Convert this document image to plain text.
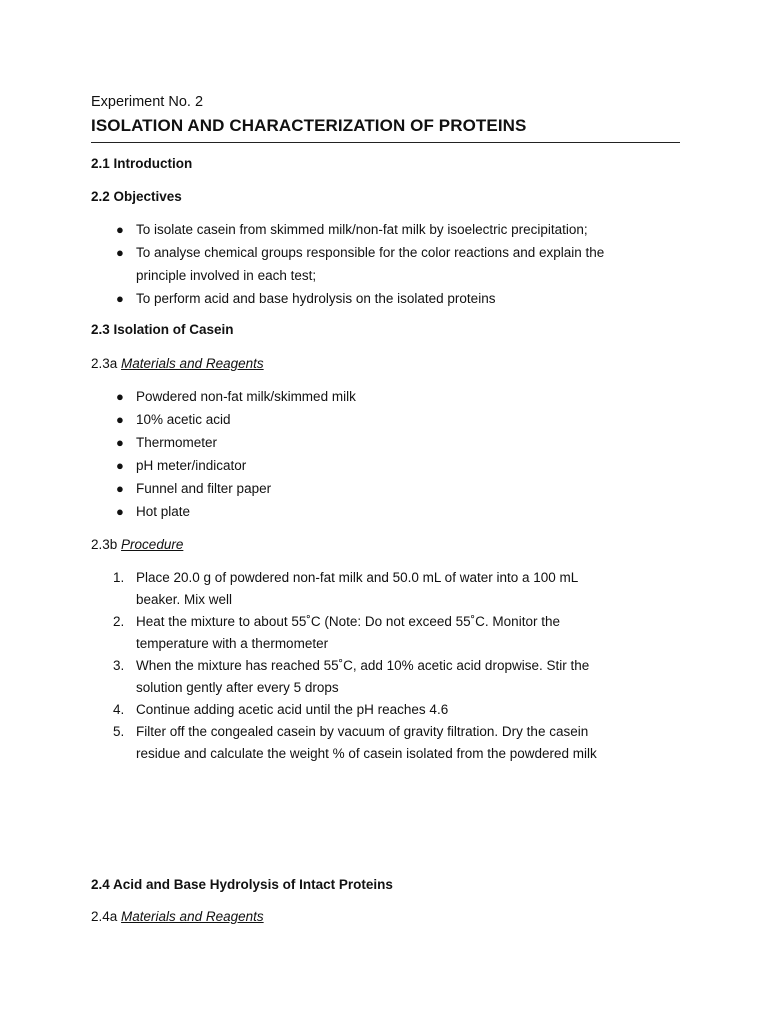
Experiment No. 2
ISOLATION AND CHARACTERIZATION OF PROTEINS
2.1 Introduction
2.2 Objectives
● To isolate casein from skimmed milk/non-fat milk by isoelectric precipitation;
● To analyse chemical groups responsible for the color reactions and explain the
principle involved in each test;
● To perform acid and base hydrolysis on the isolated proteins
2.3 Isolation of Casein
2.3a Materials and Reagents
● Powdered non-fat milk/skimmed milk
● 10% acetic acid
● Thermometer
● pH meter/indicator
● Funnel and filter paper
● Hot plate
2.3b Procedure
1. Place 20.0 g of powdered non-fat milk and 50.0 mL of water into a 100 mL
beaker. Mix well
2. Heat the mixture to about 55˚C (Note: Do not exceed 55˚C. Monitor the
temperature with a thermometer
3. When the mixture has reached 55˚C, add 10% acetic acid dropwise. Stir the
solution gently after every 5 drops
4. Continue adding acetic acid until the pH reaches 4.6
5. Filter off the congealed casein by vacuum of gravity filtration. Dry the casein
residue and calculate the weight % of casein isolated from the powdered milk
2.4 Acid and Base Hydrolysis of Intact Proteins
2.4a Materials and Reagents
